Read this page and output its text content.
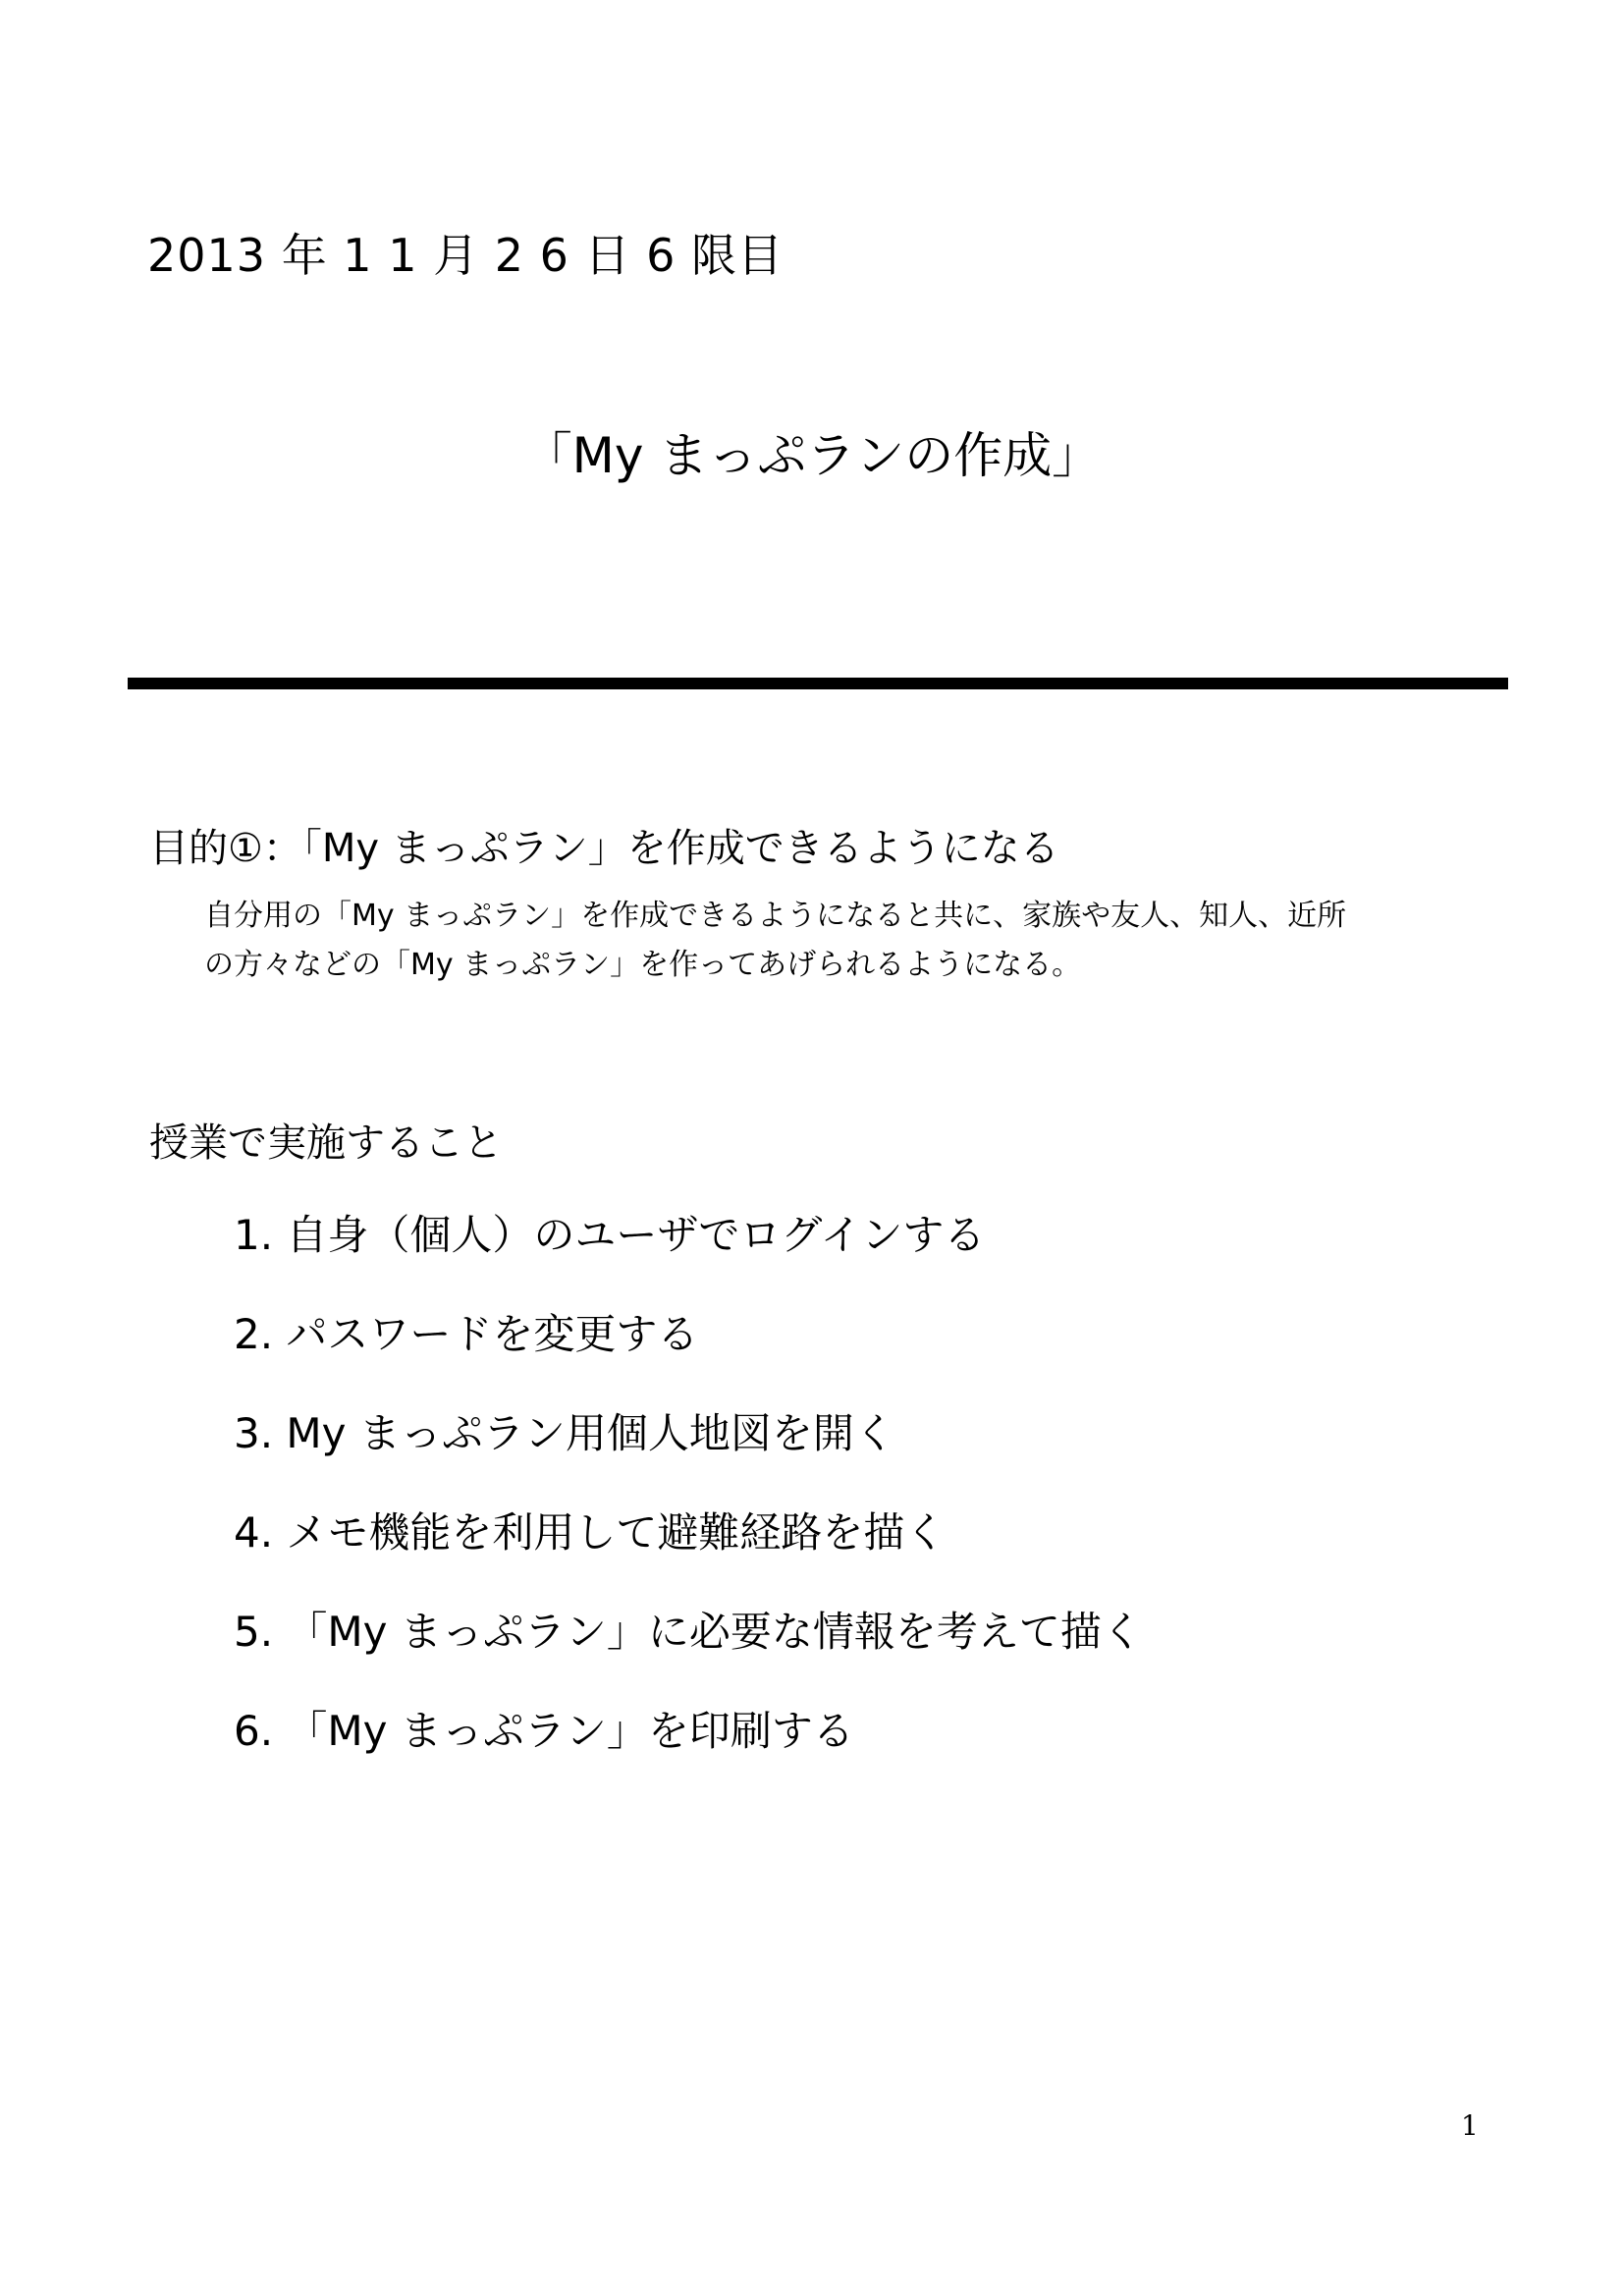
2013 年 1 1 月 2 6 日 6 限目
「My まっぷランの作成」
目的①：「My まっぷラン」を作成できるようになる

自分用の「My まっぷラン」を作成できるようになると共に、家族や友人、知人、近所

の方々などの「My まっぷラン」を作ってあげられるようになる。

授業で実施すること
1. 自身（個人）のユーザでログインする
2. パスワードを変更する
3. My まっぷラン用個人地図を開く
4. メモ機能を利用して避難経路を描く
5. 「My まっぷラン」に必要な情報を考えて描く
6. 「My まっぷラン」を印刷する
1
